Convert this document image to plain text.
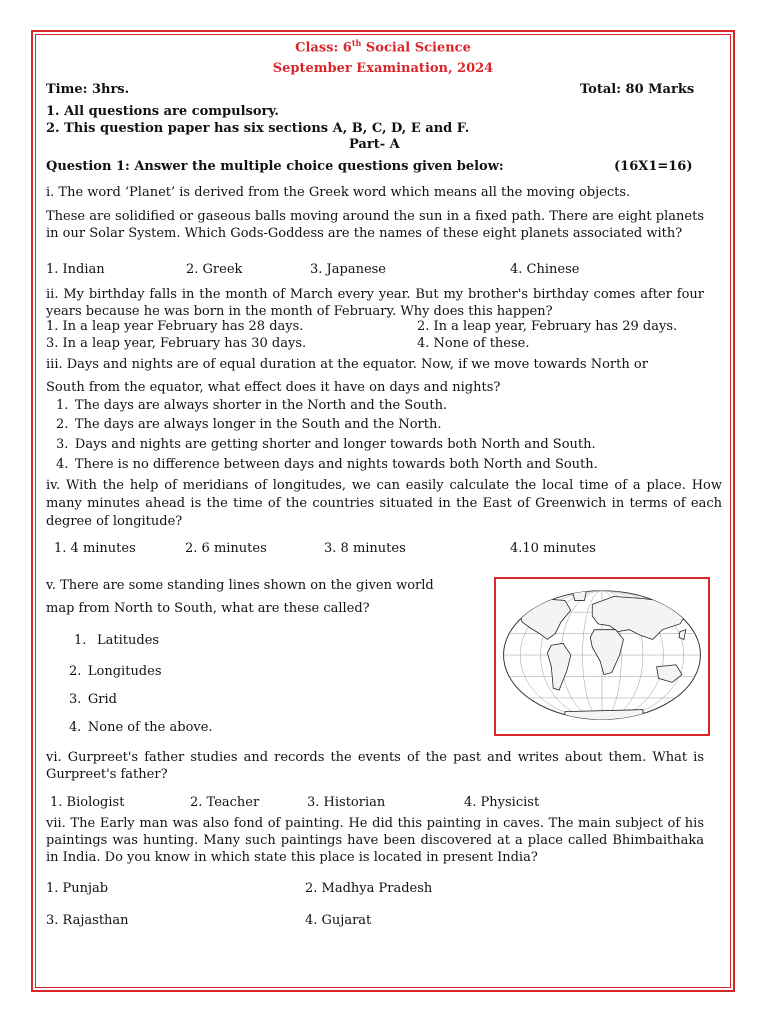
Class: 6th Social Science
September Examination, 2024
Time: 3hrs.	Total: 80 Marks
1. All questions are compulsory.
2. This question paper has six sections A, B, C, D, E and F.
Part- A
Question 1: Answer the multiple choice questions given below:	(16X1=16)
i. The word ‘Planet’ is derived from the Greek word which means all the moving objects.
These are solidified or gaseous balls moving around the sun in a fixed path. There are eight planets in our Solar System. Which Gods-Goddess are the names of these eight planets associated with?
1. Indian	2. Greek	3. Japanese	4. Chinese
ii. My birthday falls in the month of March every year. But my brother's birthday comes after four years because he was born in the month of February. Why does this happen?
1. In a leap year February has 28 days.	2. In a leap year, February has 29 days.
3. In a leap year, February has 30 days.	4. None of these.
iii. Days and nights are of equal duration at the equator. Now, if we move towards North or
South from the equator, what effect does it have on days and nights?
1. The days are always shorter in the North and the South.
2. The days are always longer in the South and the North.
3. Days and nights are getting shorter and longer towards both North and South.
4. There is no difference between days and nights towards both North and South.
iv. With the help of meridians of longitudes, we can easily calculate the local time of a place. How many minutes ahead is the time of the countries situated in the East of Greenwich in terms of each degree of longitude?
1. 4 minutes	2. 6 minutes	3. 8 minutes	4.10 minutes
v. There are some standing lines shown on the given world
map from North to South, what are these called?
1.  Latitudes
2. Longitudes
3. Grid
4. None of the above.
vi. Gurpreet's father studies and records the events of the past and writes about them. What is Gurpreet's father?
1. Biologist	2. Teacher	3. Historian	4. Physicist
vii. The Early man was also fond of painting. He did this painting in caves. The main subject of his paintings was hunting. Many such paintings have been discovered at a place called Bhimbaithaka in India. Do you know in which state this place is located in present India?
1. Punjab	2. Madhya Pradesh
3. Rajasthan	4. Gujarat
